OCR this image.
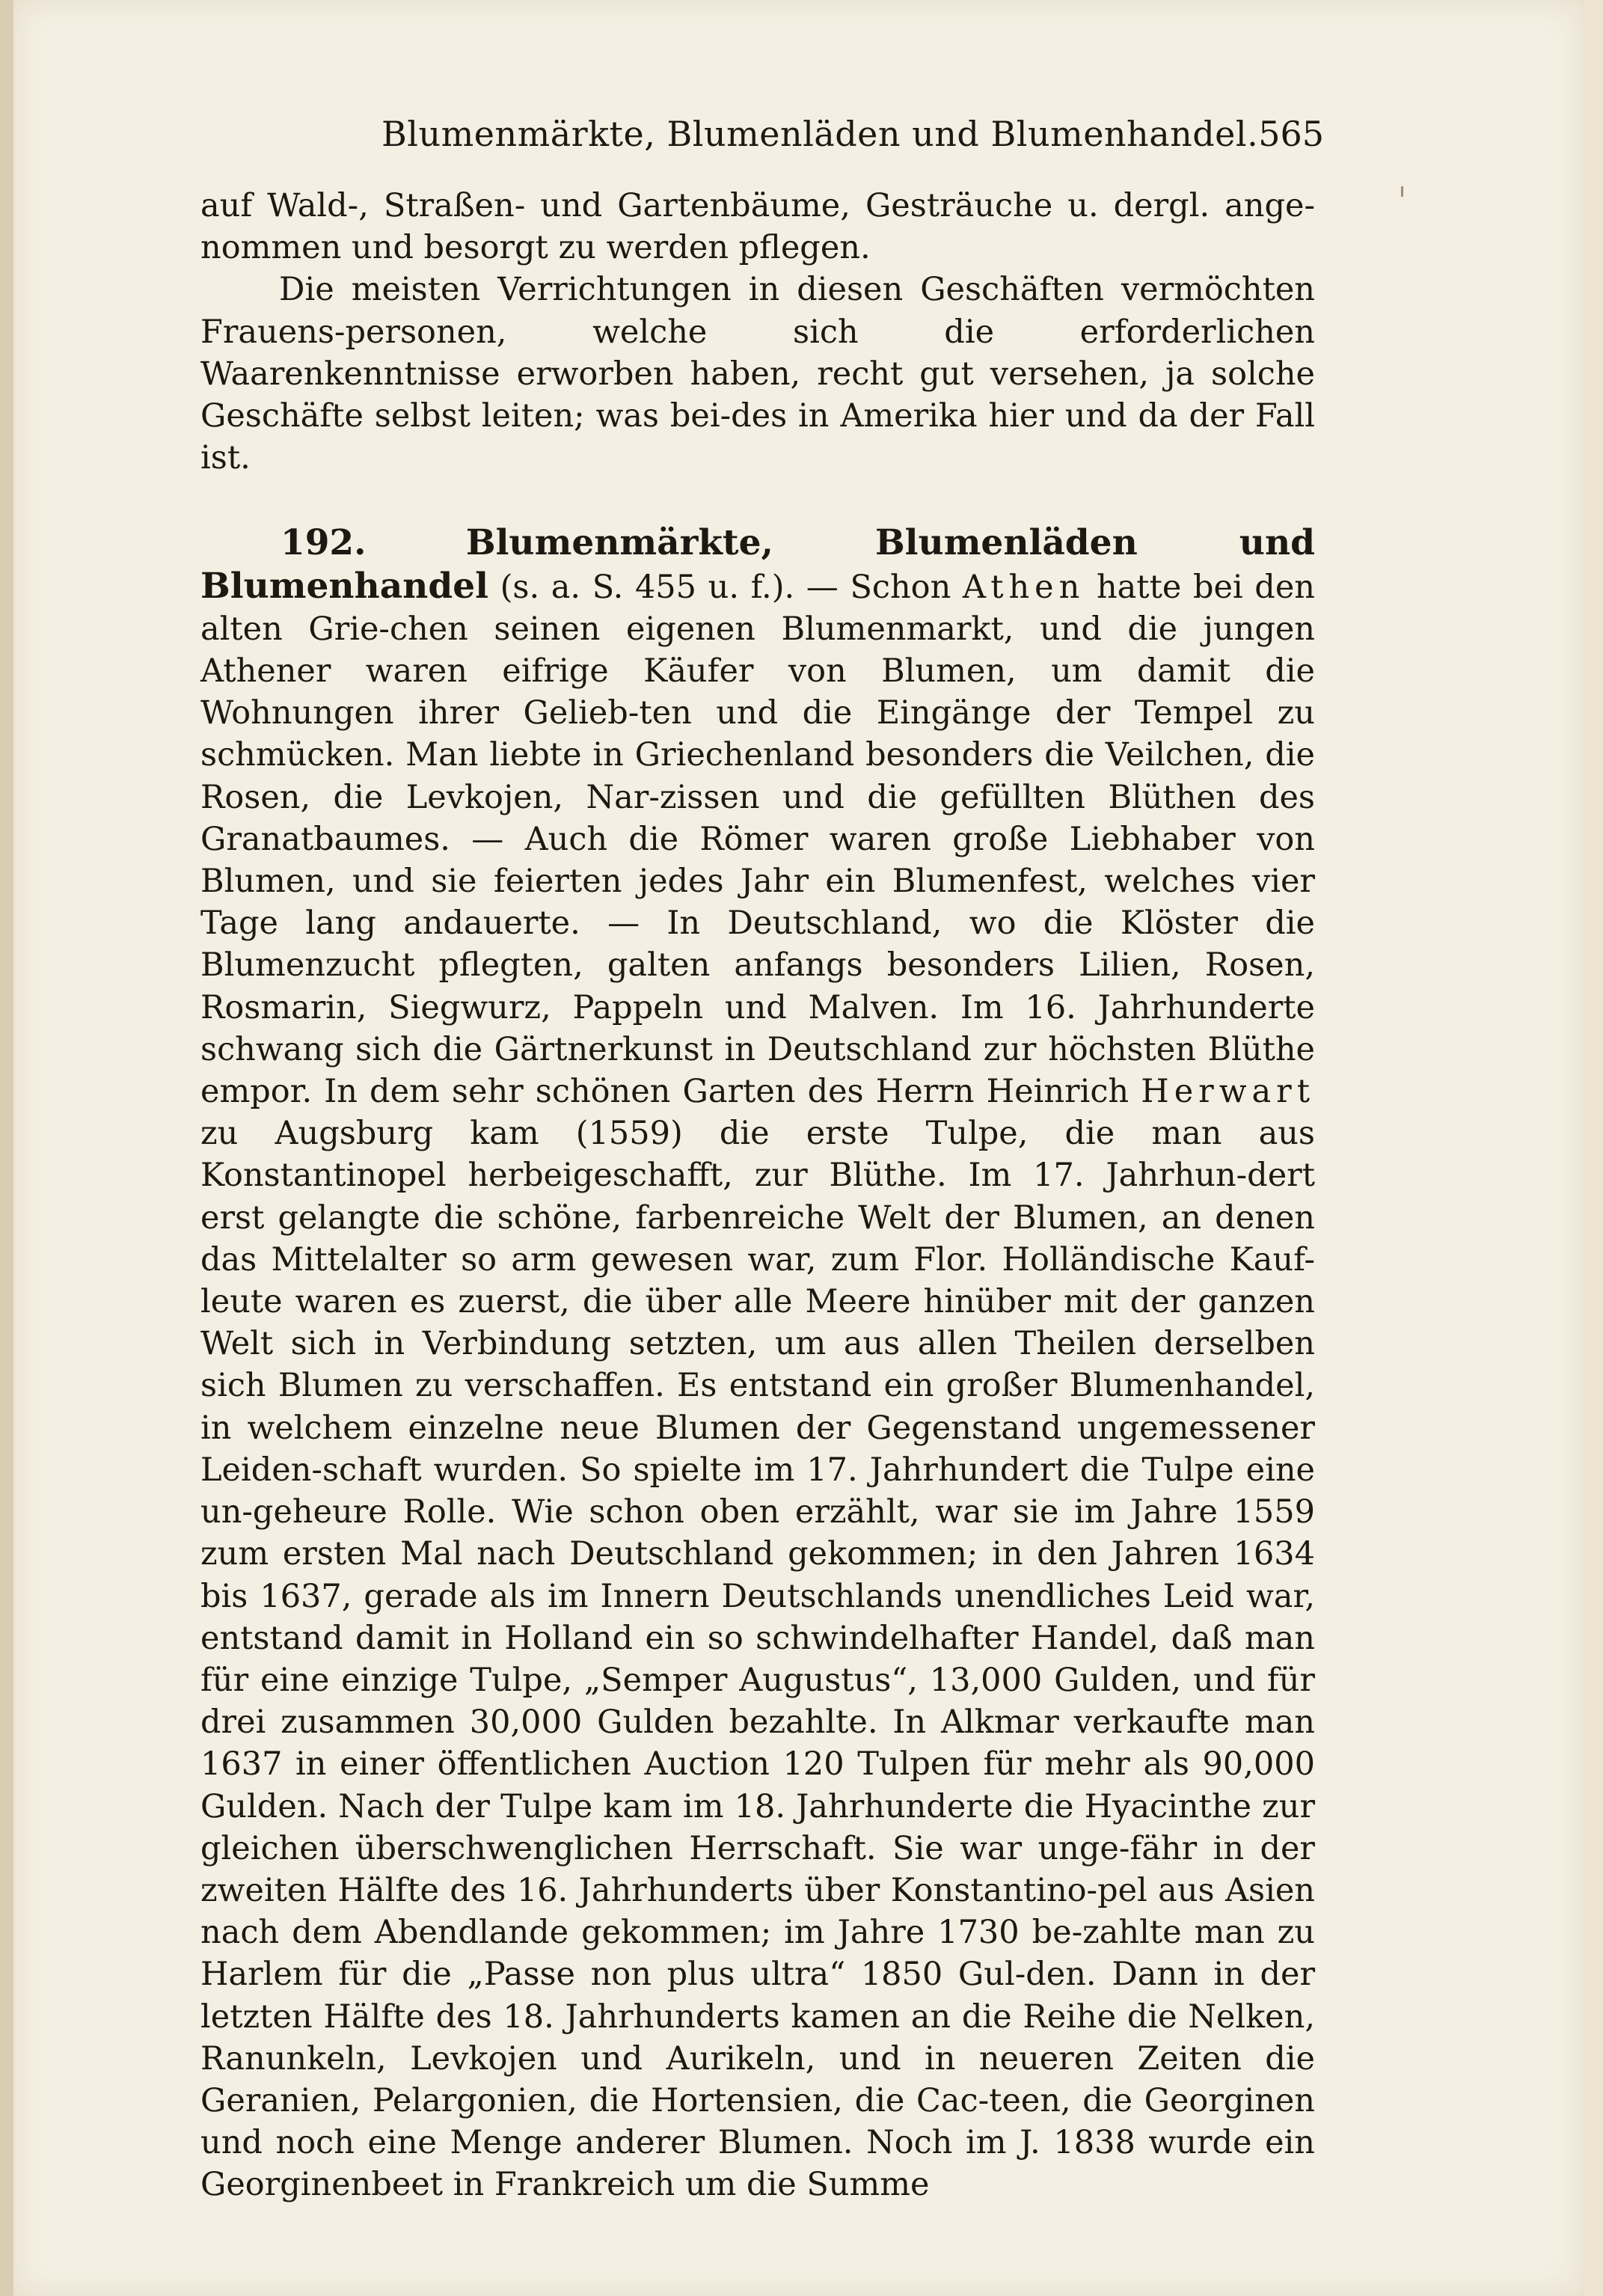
Blumenmärkte, Blumenläden und Blumenhandel. 565

auf Wald-, Straßen- und Gartenbäume, Gesträuche u. dergl. ange-nommen und besorgt zu werden pflegen.

Die meisten Verrichtungen in diesen Geschäften vermöchten Frauens-personen, welche sich die erforderlichen Waarenkenntnisse erworben haben, recht gut versehen, ja solche Geschäfte selbst leiten; was bei-des in Amerika hier und da der Fall ist.

192.	Blumenmärkte, Blumenläden und Blumenhandel (s. a. S. 455 u. f.). — Schon Athen hatte bei den alten Grie-chen seinen eigenen Blumenmarkt, und die jungen Athener waren eifrige Käufer von Blumen, um damit die Wohnungen ihrer Gelieb-ten und die Eingänge der Tempel zu schmücken. Man liebte in Griechenland besonders die Veilchen, die Rosen, die Levkojen, Nar-zissen und die gefüllten Blüthen des Granatbaumes. — Auch die Römer waren große Liebhaber von Blumen, und sie feierten jedes Jahr ein Blumenfest, welches vier Tage lang andauerte. — In Deutschland, wo die Klöster die Blumenzucht pflegten, galten anfangs besonders Lilien, Rosen, Rosmarin, Siegwurz, Pappeln und Malven. Im 16. Jahrhunderte schwang sich die Gärtnerkunst in Deutschland zur höchsten Blüthe empor. In dem sehr schönen Garten des Herrn Heinrich Herwart zu Augsburg kam (1559) die erste Tulpe, die man aus Konstantinopel herbeigeschafft, zur Blüthe. Im 17. Jahrhun-dert erst gelangte die schöne, farbenreiche Welt der Blumen, an denen das Mittelalter so arm gewesen war, zum Flor. Holländische Kauf-leute waren es zuerst, die über alle Meere hinüber mit der ganzen Welt sich in Verbindung setzten, um aus allen Theilen derselben sich Blumen zu verschaffen. Es entstand ein großer Blumenhandel, in welchem einzelne neue Blumen der Gegenstand ungemessener Leiden-schaft wurden. So spielte im 17. Jahrhundert die Tulpe eine un-geheure Rolle. Wie schon oben erzählt, war sie im Jahre 1559 zum ersten Mal nach Deutschland gekommen; in den Jahren 1634 bis 1637, gerade als im Innern Deutschlands unendliches Leid war, entstand damit in Holland ein so schwindelhafter Handel, daß man für eine einzige Tulpe, „Semper Augustus“, 13,000 Gulden, und für drei zusammen 30,000 Gulden bezahlte. In Alkmar verkaufte man 1637 in einer öffentlichen Auction 120 Tulpen für mehr als 90,000 Gulden. Nach der Tulpe kam im 18. Jahrhunderte die Hyacinthe zur gleichen überschwenglichen Herrschaft. Sie war unge-fähr in der zweiten Hälfte des 16. Jahrhunderts über Konstantino-pel aus Asien nach dem Abendlande gekommen; im Jahre 1730 be-zahlte man zu Harlem für die „Passe non plus ultra“ 1850 Gul-den. Dann in der letzten Hälfte des 18. Jahrhunderts kamen an die Reihe die Nelken, Ranunkeln, Levkojen und Aurikeln, und in neueren Zeiten die Geranien, Pelargonien, die Hortensien, die Cac-teen, die Georginen und noch eine Menge anderer Blumen. Noch im J. 1838 wurde ein Georginenbeet in Frankreich um die Summe
